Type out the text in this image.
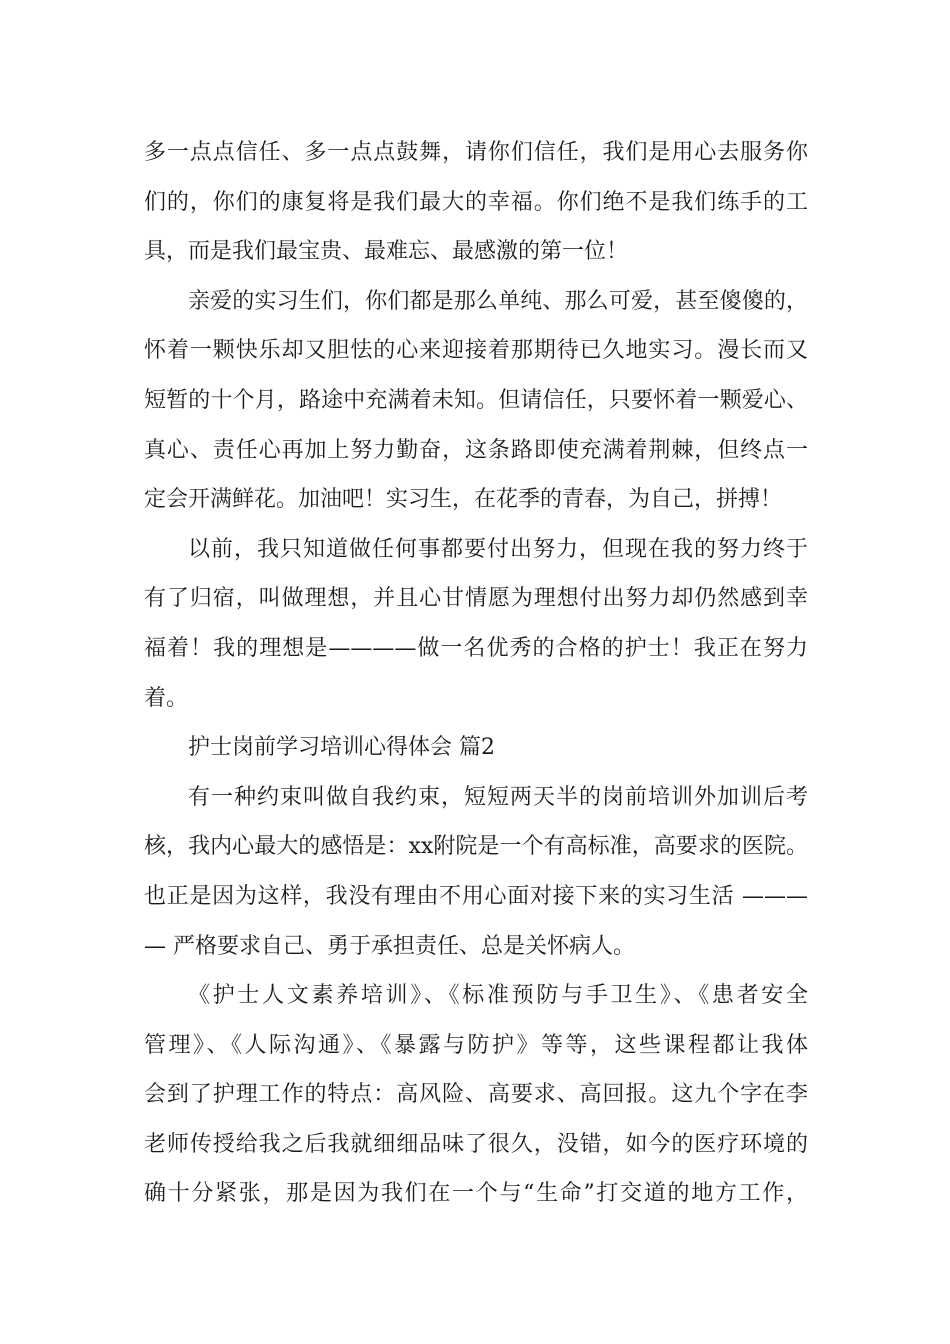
多一点点信任、多一点点鼓舞，请你们信任，我们是用心去服务你
们的，你们的康复将是我们最大的幸福。你们绝不是我们练手的工
具，而是我们最宝贵、最难忘、最感激的第一位！
亲爱的实习生们，你们都是那么单纯、那么可爱，甚至傻傻的，
怀着一颗快乐却又胆怯的心来迎接着那期待已久地实习。漫长而又
短暂的十个月，路途中充满着未知。但请信任，只要怀着一颗爱心、
真心、责任心再加上努力勤奋，这条路即使充满着荆棘，但终点一
定会开满鲜花。加油吧！实习生，在花季的青春，为自己，拼搏！
以前，我只知道做任何事都要付出努力，但现在我的努力终于
有了归宿，叫做理想，并且心甘情愿为理想付出努力却仍然感到幸
福着！我的理想是————做一名优秀的合格的护士！我正在努力
着。
护士岗前学习培训心得体会 篇2
有一种约束叫做自我约束，短短两天半的岗前培训外加训后考
核，我内心最大的感悟是：xx附院是一个有高标准，高要求的医院。
也正是因为这样，我没有理由不用心面对接下来的实习生活 ———
— 严格要求自己、勇于承担责任、总是关怀病人。
《护士人文素养培训》、《标准预防与手卫生》、《患者安全
管理》、《人际沟通》、《暴露与防护》等等，这些课程都让我体
会到了护理工作的特点：高风险、高要求、高回报。这九个字在李
老师传授给我之后我就细细品味了很久，没错，如今的医疗环境的
确十分紧张，那是因为我们在一个与“生命”打交道的地方工作，
